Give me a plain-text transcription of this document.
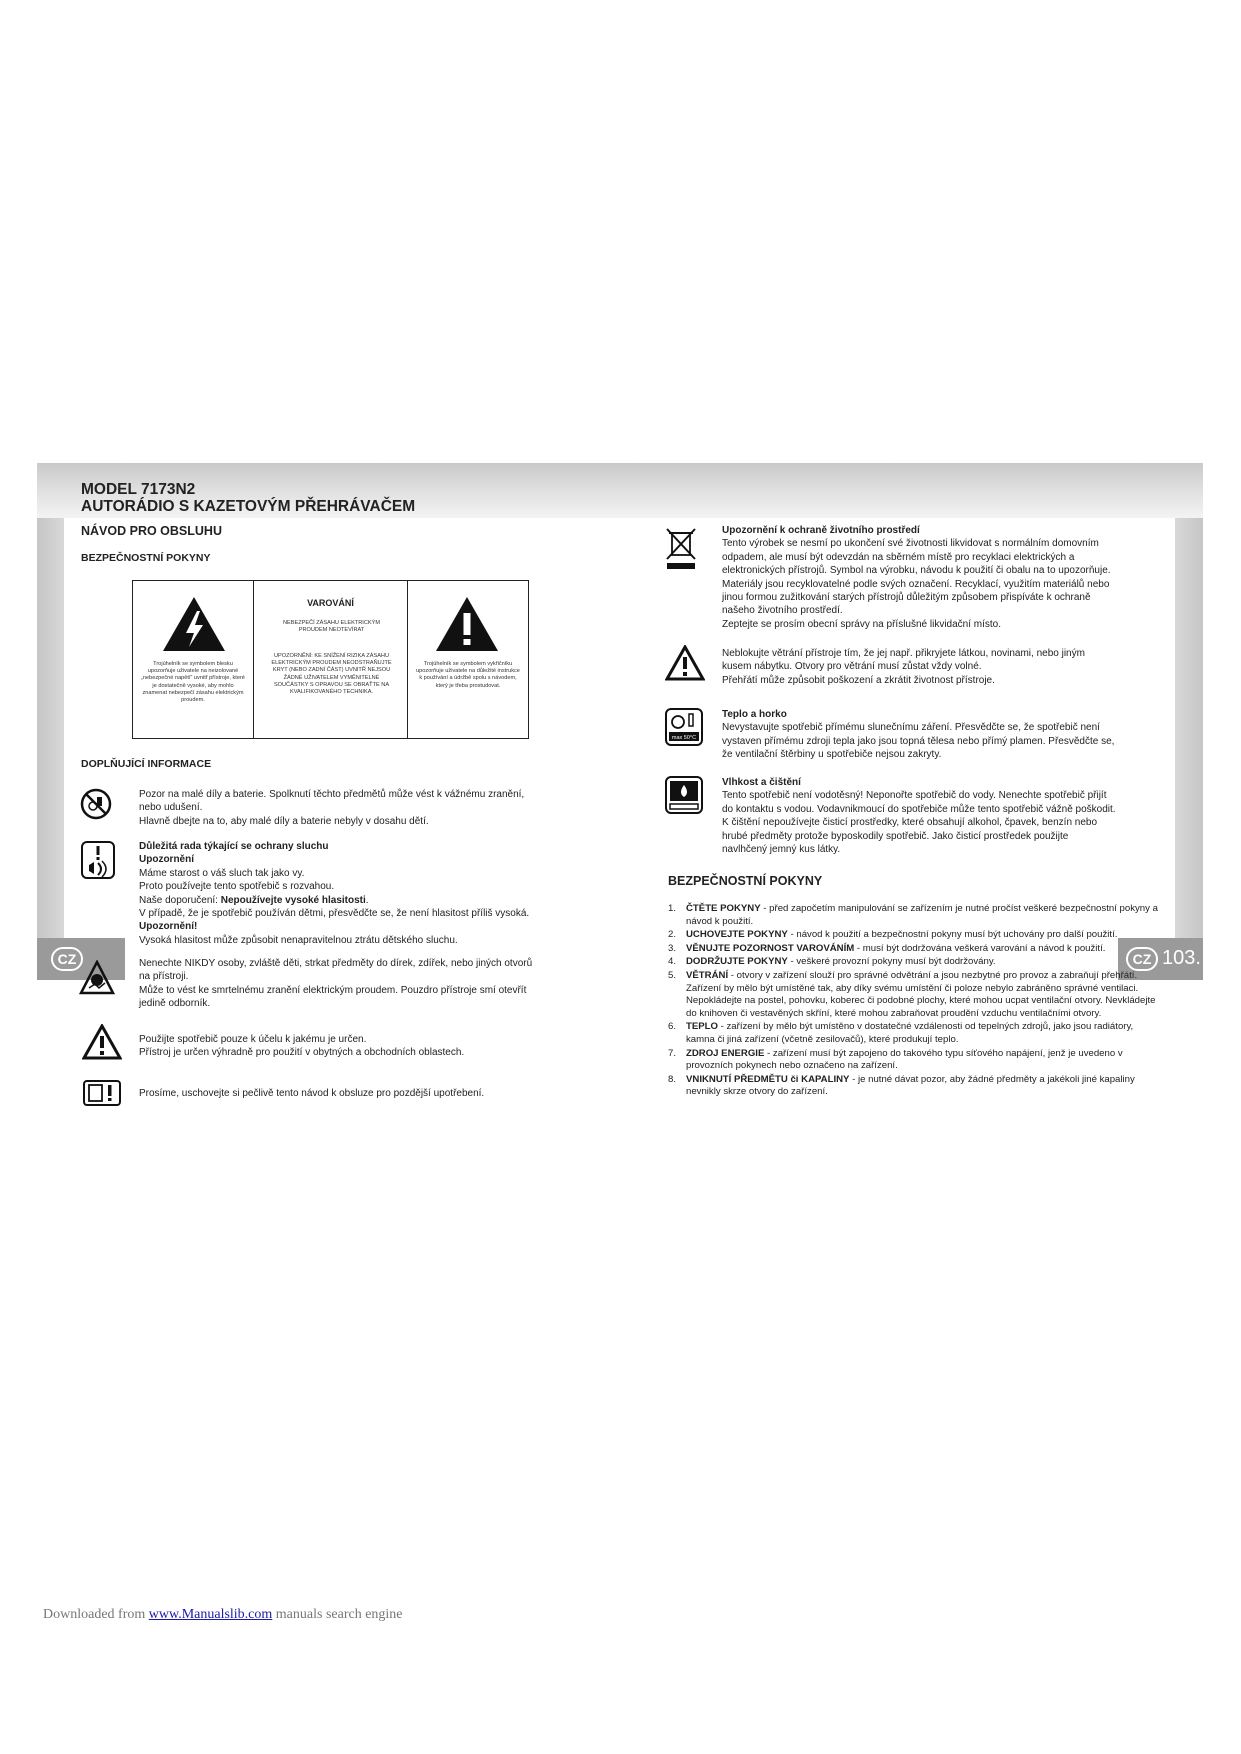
CZ	CZ 103.
MODEL 7173N2
AUTORÁDIO S KAZETOVÝM PŘEHRÁVAČEM
NÁVOD PRO OBSLUHU
BEZPEČNOSTNÍ POKYNY
Trojúhelník se symbolem blesku upozorňuje uživatele na neizolované „nebezpečné napětí“ uvnitř přístroje, které je dostatečně vysoké, aby mohlo znamenat nebezpečí zásahu elektrickým proudem.
VAROVÁNÍ
NEBEZPEČÍ ZÁSAHU ELEKTRICKÝM PROUDEM NEOTEVÍRAT
UPOZORNĚNÍ: KE SNÍŽENÍ RIZIKA ZÁSAHU ELEKTRICKÝM PROUDEM NEODSTRAŇUJTE KRYT (NEBO ZADNÍ ČÁST) UVNITŘ NEJSOU ŽÁDNÉ UŽIVATELEM VYMĚNITELNÉ SOUČÁSTKY S OPRAVOU SE OBRAŤTE NA KVALIFIKOVANÉHO TECHNIKA.
Trojúhelník se symbolem vykřičníku upozorňuje uživatele na důležité instrukce k používání a údržbě spolu s návodem, který je třeba prostudovat.
DOPLŇUJÍCÍ INFORMACE
Pozor na malé díly a baterie. Spolknutí těchto předmětů může vést k vážnému zranění,
nebo udušení.
Hlavně dbejte na to, aby malé díly a baterie nebyly v dosahu dětí.
Důležitá rada týkající se ochrany sluchu
Upozornění
Máme starost o váš sluch tak jako vy.
Proto používejte tento spotřebič s rozvahou.
Naše doporučení: Nepoužívejte vysoké hlasitosti.
V případě, že je spotřebič používán dětmi, přesvědčte se, že není hlasitost příliš vysoká.
Upozornění!
Vysoká hlasitost může způsobit nenapravitelnou ztrátu dětského sluchu.
Nenechte NIKDY osoby, zvláště děti, strkat předměty do dírek, zdířek, nebo jiných otvorů
na přístroji.
Může to vést ke smrtelnému zranění elektrickým proudem. Pouzdro přístroje smí otevřít
jedině odborník.
Použijte spotřebič pouze k účelu k jakému je určen.
Přístroj je určen výhradně pro použití v obytných a obchodních oblastech.
Prosíme, uschovejte si pečlivě tento návod k obsluze pro pozdější upotřebení.
Upozornění k ochraně životního prostředí
Tento výrobek se nesmí po ukončení své životnosti likvidovat s normálním domovním
odpadem, ale musí být odevzdán na sběrném místě pro recyklaci elektrických a
elektronických přístrojů. Symbol na výrobku, návodu k použití či obalu na to upozorňuje.
Materiály jsou recyklovatelné podle svých označení. Recyklací, využitím materiálů nebo
jinou formou zužitkování starých přístrojů důležitým způsobem přispíváte k ochraně
našeho životního prostředí.
Zeptejte se prosím obecní správy na příslušné likvidační místo.
Neblokujte větrání přístroje tím, že jej např. přikryjete látkou, novinami, nebo jiným
kusem nábytku. Otvory pro větrání musí zůstat vždy volné.
Přehřátí může způsobit poškození a zkrátit životnost přístroje.
max 50°C
Teplo a horko
Nevystavujte spotřebič přímému slunečnímu záření. Přesvědčte se, že spotřebič není
vystaven přímému zdroji tepla jako jsou topná tělesa nebo přímý plamen. Přesvědčte se,
že ventilační štěrbiny u spotřebiče nejsou zakryty.
Vlhkost a čištění
Tento spotřebič není vodotěsný! Neponořte spotřebič do vody. Nenechte spotřebič přijít
do kontaktu s vodou. Vodavnikmoucí do spotřebiče může tento spotřebič vážně poškodit.
K čištění nepoužívejte čisticí prostředky, které obsahují alkohol, čpavek, benzín nebo
hrubé předměty protože byposkodily spotřebič. Jako čisticí prostředek použijte
navlhčený jemný kus látky.
BEZPEČNOSTNÍ POKYNY
1. ČTĚTE POKYNY - před započetím manipulování se zařízením je nutné pročíst veškeré bezpečnostní pokyny a návod k použití.
2. UCHOVEJTE POKYNY - návod k použití a bezpečnostní pokyny musí být uchovány pro další použití.
3. VĚNUJTE POZORNOST VAROVÁNÍM - musí být dodržována veškerá varování a návod k použití.
4. DODRŽUJTE POKYNY - veškeré provozní pokyny musí být dodržovány.
5. VĚTRÁNÍ - otvory v zařízení slouží pro správné odvětrání a jsou nezbytné pro provoz a zabraňují přehřátí. Zařízení by mělo být umístěné tak, aby díky svému umístění či poloze nebylo zabráněno správné ventilaci. Nepokládejte na postel, pohovku, koberec či podobné plochy, které mohou ucpat ventilační otvory. Nevkládejte do knihoven či vestavěných skříní, které mohou zabraňovat proudění vzduchu ventilačními otvory.
6. TEPLO - zařízení by mělo být umístěno v dostatečné vzdálenosti od tepelných zdrojů, jako jsou radiátory, kamna či jiná zařízení (včetně zesilovačů), které produkují teplo.
7. ZDROJ ENERGIE - zařízení musí být zapojeno do takového typu síťového napájení, jenž je uvedeno v provozních pokynech nebo označeno na zařízení.
8. VNIKNUTÍ PŘEDMĚTU či KAPALINY - je nutné dávat pozor, aby žádné předměty a jakékoli jiné kapaliny nevnikly skrze otvory do zařízení.
Downloaded from www.Manualslib.com manuals search engine
